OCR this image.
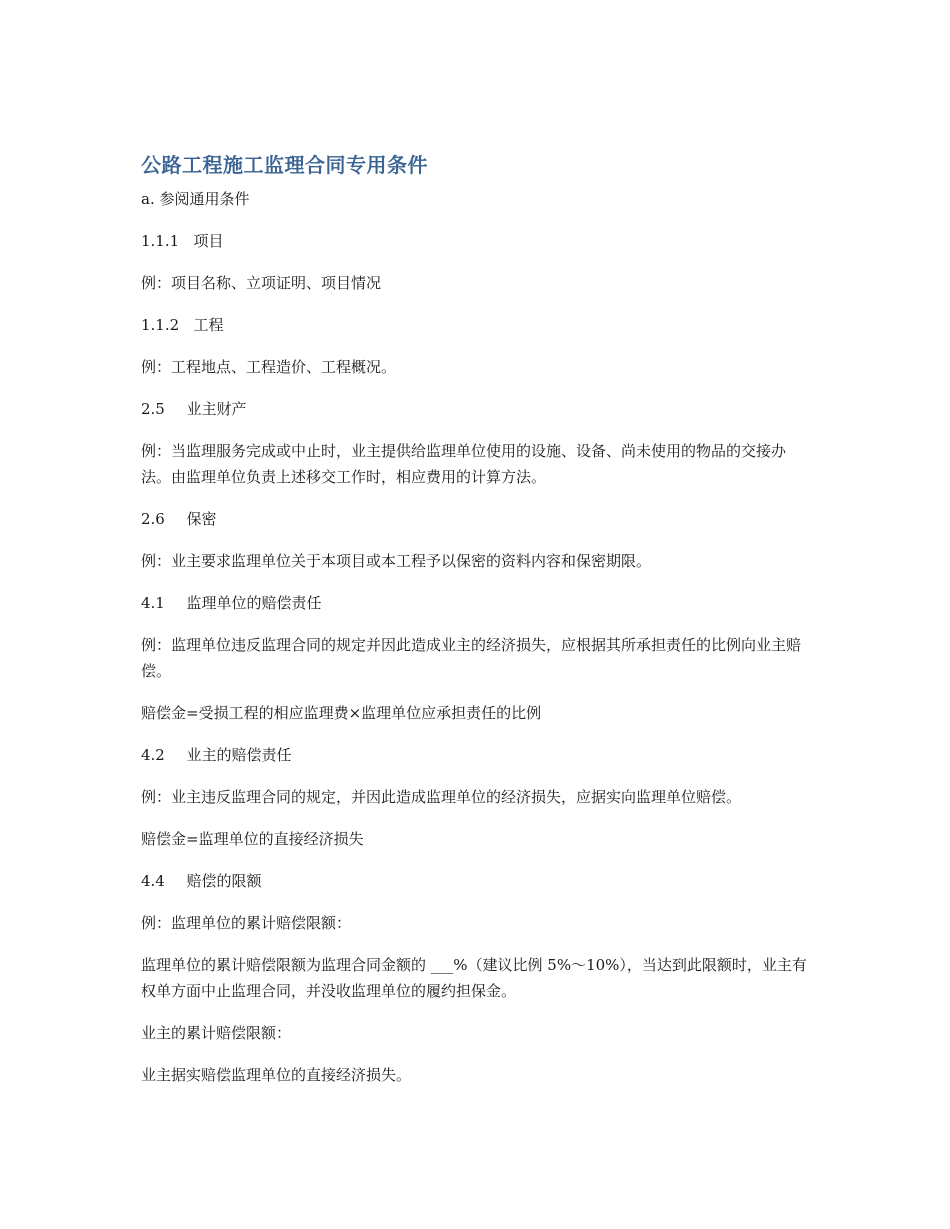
公路工程施工监理合同专用条件
a. 参阅通用条件
1.1.1 项目
例：项目名称、立项证明、项目情况
1.1.2 工程
例：工程地点、工程造价、工程概况。
2.5 业主财产
例：当监理服务完成或中止时，业主提供给监理单位使用的设施、设备、尚未使用的物品的交接办法。由监理单位负责上述移交工作时，相应费用的计算方法。
2.6 保密
例：业主要求监理单位关于本项目或本工程予以保密的资料内容和保密期限。
4.1 监理单位的赔偿责任
例：监理单位违反监理合同的规定并因此造成业主的经济损失，应根据其所承担责任的比例向业主赔偿。
赔偿金=受损工程的相应监理费×监理单位应承担责任的比例
4.2 业主的赔偿责任
例：业主违反监理合同的规定，并因此造成监理单位的经济损失，应据实向监理单位赔偿。
赔偿金=监理单位的直接经济损失
4.4 赔偿的限额
例：监理单位的累计赔偿限额：
监理单位的累计赔偿限额为监理合同金额的 ___%（建议比例 5%～10%），当达到此限额时，业主有权单方面中止监理合同，并没收监理单位的履约担保金。
业主的累计赔偿限额：
业主据实赔偿监理单位的直接经济损失。
